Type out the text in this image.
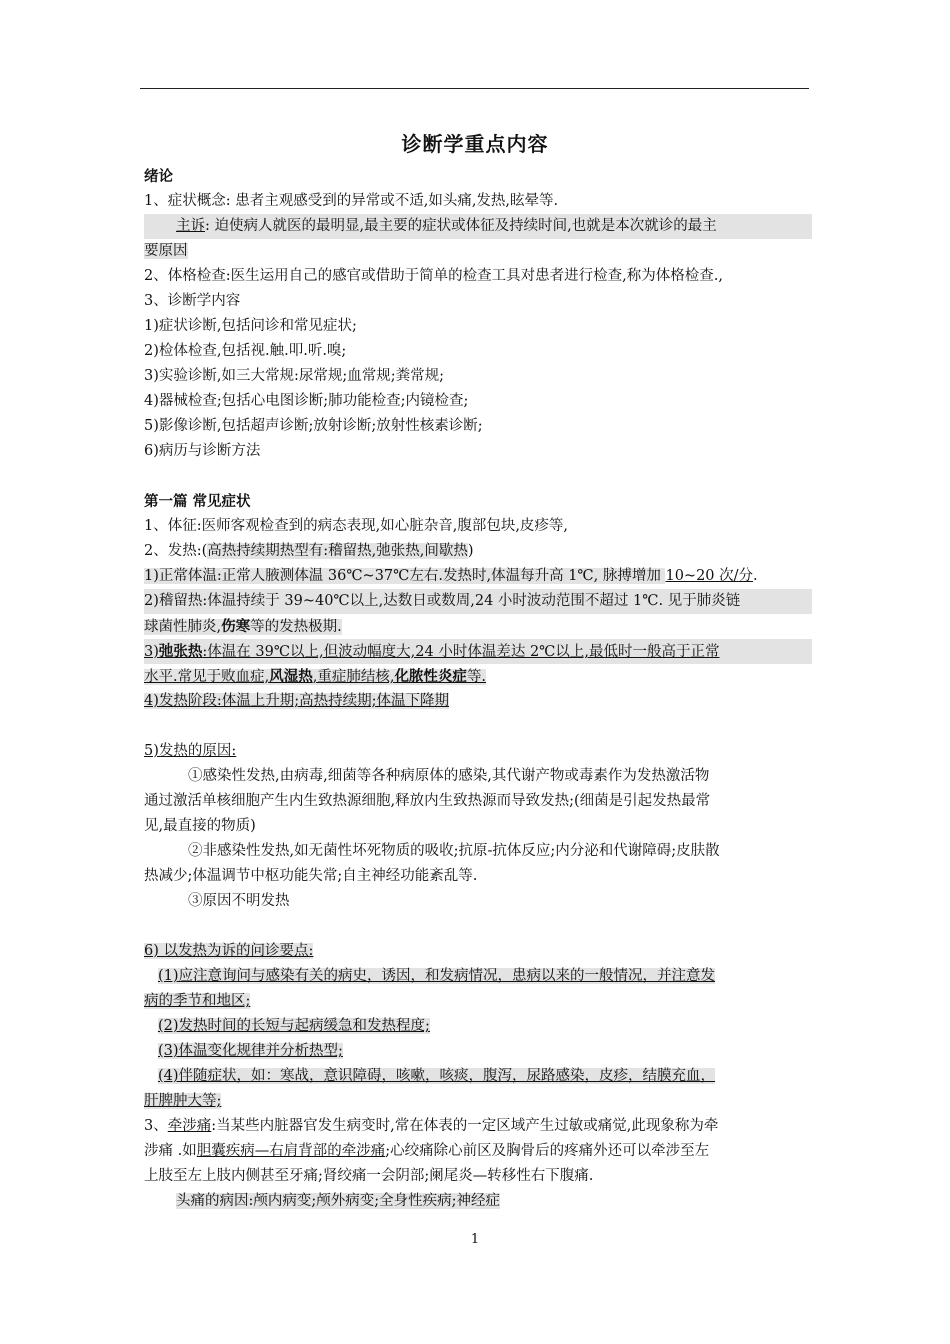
诊断学重点内容
绪论
1、症状概念: 患者主观感受到的异常或不适,如头痛,发热,眩晕等.
主诉: 迫使病人就医的最明显,最主要的症状或体征及持续时间,也就是本次就诊的最主
要原因
2、体格检查:医生运用自己的感官或借助于简单的检查工具对患者进行检查,称为体格检查.,
3、诊断学内容
1)症状诊断,包括问诊和常见症状;
2)检体检查,包括视.触.叩.听.嗅;
3)实验诊断,如三大常规:尿常规;血常规;粪常规;
4)器械检查;包括心电图诊断;肺功能检查;内镜检查;
5)影像诊断,包括超声诊断;放射诊断;放射性核素诊断;
6)病历与诊断方法
第一篇 常见症状
1、体征:医师客观检查到的病态表现,如心脏杂音,腹部包块,皮疹等,
2、发热:(高热持续期热型有:稽留热,弛张热,间歇热)
1)正常体温:正常人腋测体温 36℃~37℃左右.发热时,体温每升高 1℃, 脉搏增加 10~20 次/分.
2)稽留热:体温持续于 39~40℃以上,达数日或数周,24 小时波动范围不超过 1℃. 见于肺炎链
球菌性肺炎,伤寒等的发热极期.
3)弛张热:体温在 39℃以上,但波动幅度大,24 小时体温差达 2℃以上,最低时一般高于正常
水平.常见于败血症,风湿热,重症肺结核,化脓性炎症等.
4)发热阶段:体温上升期;高热持续期;体温下降期
5)发热的原因:
①感染性发热,由病毒,细菌等各种病原体的感染,其代谢产物或毒素作为发热激活物
通过激活单核细胞产生内生致热源细胞,释放内生致热源而导致发热;(细菌是引起发热最常
见,最直接的物质)
②非感染性发热,如无菌性坏死物质的吸收;抗原-抗体反应;内分泌和代谢障碍;皮肤散
热减少;体温调节中枢功能失常;自主神经功能紊乱等.
③原因不明发热
6) 以发热为诉的问诊要点:
(1)应注意询问与感染有关的病史，诱因，和发病情况，患病以来的一般情况，并注意发
病的季节和地区;
(2)发热时间的长短与起病缓急和发热程度;
(3)体温变化规律并分析热型;
(4)伴随症状，如：寒战，意识障碍，咳嗽，咳痰，腹泻，尿路感染，皮疹，结膜充血，
肝脾肿大等;
3、牵涉痛:当某些内脏器官发生病变时,常在体表的一定区域产生过敏或痛觉,此现象称为牵
涉痛 .如胆囊疾病—右肩背部的牵涉痛;心绞痛除心前区及胸骨后的疼痛外还可以牵涉至左
上肢至左上肢内侧甚至牙痛;肾绞痛一会阴部;阑尾炎—转移性右下腹痛.
头痛的病因:颅内病变;颅外病变;全身性疾病;神经症
1
